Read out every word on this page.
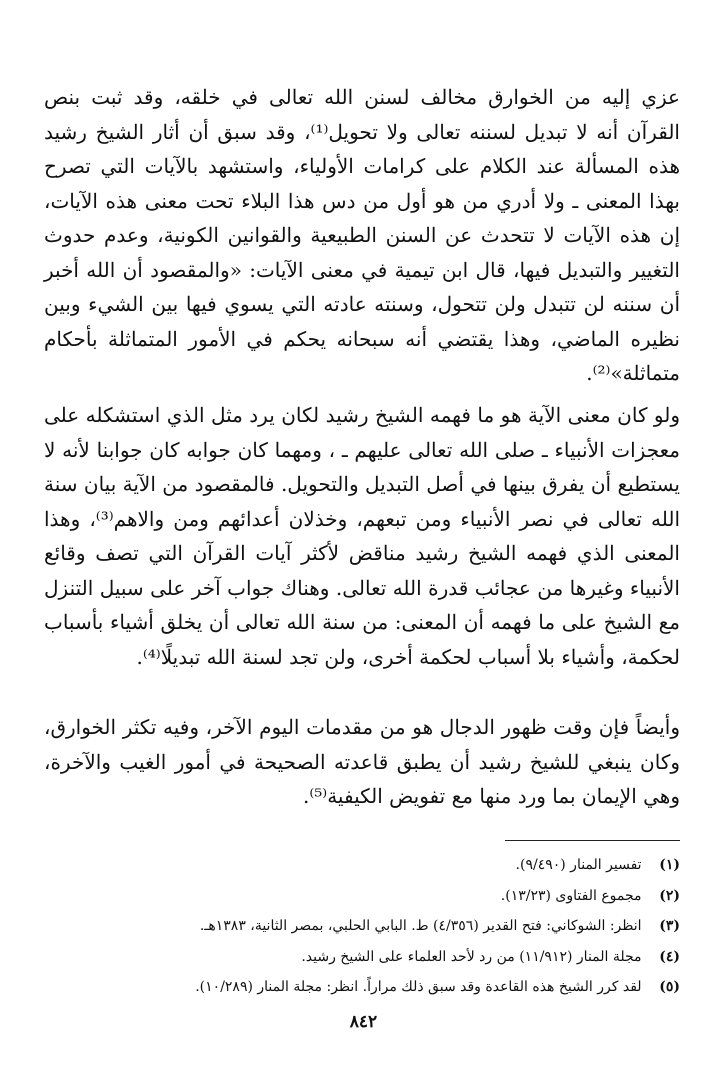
عزي إليه من الخوارق مخالف لسنن الله تعالى في خلقه، وقد ثبت بنص القرآن أنه لا تبديل لسننه تعالى ولا تحويل⁽¹⁾، وقد سبق أن أثار الشيخ رشيد هذه المسألة عند الكلام على كرامات الأولياء، واستشهد بالآيات التي تصرح بهذا المعنى ـ ولا أدري من هو أول من دس هذا البلاء تحت معنى هذه الآيات، إن هذه الآيات لا تتحدث عن السنن الطبيعية والقوانين الكونية، وعدم حدوث التغيير والتبديل فيها، قال ابن تيمية في معنى الآيات: «والمقصود أن الله أخبر أن سننه لن تتبدل ولن تتحول، وسنته عادته التي يسوي فيها بين الشيء وبين نظيره الماضي، وهذا يقتضي أنه سبحانه يحكم في الأمور المتماثلة بأحكام متماثلة»⁽²⁾.

ولو كان معنى الآية هو ما فهمه الشيخ رشيد لكان يرد مثل الذي استشكله على معجزات الأنبياء ـ صلى الله تعالى عليهم ـ ، ومهما كان جوابه كان جوابنا لأنه لا يستطيع أن يفرق بينها في أصل التبديل والتحويل. فالمقصود من الآية بيان سنة الله تعالى في نصر الأنبياء ومن تبعهم، وخذلان أعدائهم ومن والاهم⁽³⁾، وهذا المعنى الذي فهمه الشيخ رشيد مناقض لأكثر آيات القرآن التي تصف وقائع الأنبياء وغيرها من عجائب قدرة الله تعالى. وهناك جواب آخر على سبيل التنزل مع الشيخ على ما فهمه أن المعنى: من سنة الله تعالى أن يخلق أشياء بأسباب لحكمة، وأشياء بلا أسباب لحكمة أخرى، ولن تجد لسنة الله تبديلًا⁽⁴⁾.

وأيضاً فإن وقت ظهور الدجال هو من مقدمات اليوم الآخر، وفيه تكثر الخوارق، وكان ينبغي للشيخ رشيد أن يطبق قاعدته الصحيحة في أمور الغيب والآخرة، وهي الإيمان بما ورد منها مع تفويض الكيفية⁽⁵⁾.

(١) تفسير المنار (٩/٤٩٠).
(٢) مجموع الفتاوى (١٣/٢٣).
(٣) انظر: الشوكاني: فتح القدير (٤/٣٥٦) ط. البابي الحلبي، بمصر الثانية، ١٣٨٣هـ.
(٤) مجلة المنار (١١/٩١٢) من رد لأحد العلماء على الشيخ رشيد.
(٥) لقد كرر الشيخ هذه القاعدة وقد سبق ذلك مراراً. انظر: مجلة المنار (١٠/٢٨٩).
٨٤٢
